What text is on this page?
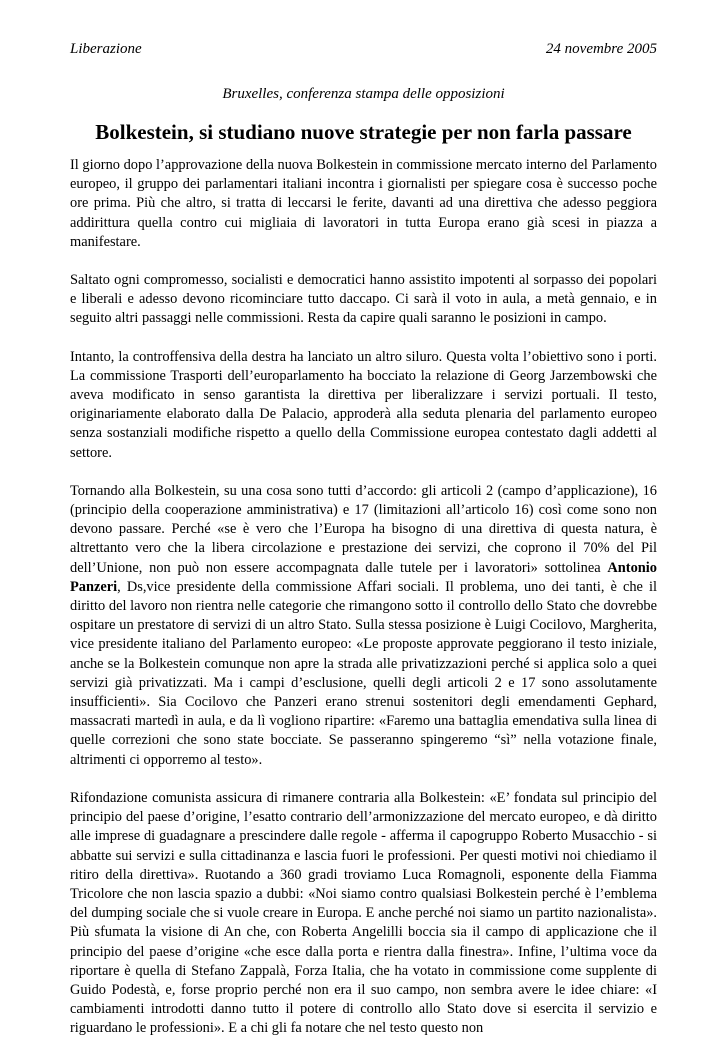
Liberazione	24 novembre 2005
Bruxelles, conferenza stampa delle opposizioni
Bolkestein, si studiano nuove strategie per non farla passare

Il giorno dopo l’approvazione della nuova Bolkestein in commissione mercato interno del Parlamento europeo, il gruppo dei parlamentari italiani incontra i giornalisti per spiegare cosa è successo poche ore prima. Più che altro, si tratta di leccarsi le ferite, davanti ad una direttiva che adesso peggiora addirittura quella contro cui migliaia di lavoratori in tutta Europa erano già scesi in piazza a manifestare.

Saltato ogni compromesso, socialisti e democratici hanno assistito impotenti al sorpasso dei popolari e liberali e adesso devono ricominciare tutto daccapo. Ci sarà il voto in aula, a metà gennaio, e in seguito altri passaggi nelle commissioni. Resta da capire quali saranno le posizioni in campo.

Intanto, la controffensiva della destra ha lanciato un altro siluro. Questa volta l’obiettivo sono i porti. La commissione Trasporti dell’europarlamento ha bocciato la relazione di Georg Jarzembowski che aveva modificato in senso garantista la direttiva per liberalizzare i servizi portuali. Il testo, originariamente elaborato dalla De Palacio, approderà alla seduta plenaria del parlamento europeo senza sostanziali modifiche rispetto a quello della Commissione europea contestato dagli addetti al settore.

Tornando alla Bolkestein, su una cosa sono tutti d’accordo: gli articoli 2 (campo d’applicazione), 16 (principio della cooperazione amministrativa) e 17 (limitazioni all’articolo 16) così come sono non devono passare. Perché «se è vero che l’Europa ha bisogno di una direttiva di questa natura, è altrettanto vero che la libera circolazione e prestazione dei servizi, che coprono il 70% del Pil dell’Unione, non può non essere accompagnata dalle tutele per i lavoratori» sottolinea Antonio Panzeri, Ds,vice presidente della commissione Affari sociali. Il problema, uno dei tanti, è che il diritto del lavoro non rientra nelle categorie che rimangono sotto il controllo dello Stato che dovrebbe ospitare un prestatore di servizi di un altro Stato. Sulla stessa posizione è Luigi Cocilovo, Margherita, vice presidente italiano del Parlamento europeo: «Le proposte approvate peggiorano il testo iniziale, anche se la Bolkestein comunque non apre la strada alle privatizzazioni perché si applica solo a quei servizi già privatizzati. Ma i campi d’esclusione, quelli degli articoli 2 e 17 sono assolutamente insufficienti». Sia Cocilovo che Panzeri erano strenui sostenitori degli emendamenti Gephard, massacrati martedì in aula, e da lì vogliono ripartire: «Faremo una battaglia emendativa sulla linea di quelle correzioni che sono state bocciate. Se passeranno spingeremo “sì” nella votazione finale, altrimenti ci opporremo al testo».

Rifondazione comunista assicura di rimanere contraria alla Bolkestein: «E’ fondata sul principio del principio del paese d’origine, l’esatto contrario dell’armonizzazione del mercato europeo, e dà diritto alle imprese di guadagnare a prescindere dalle regole - afferma il capogruppo Roberto Musacchio - si abbatte sui servizi e sulla cittadinanza e lascia fuori le professioni. Per questi motivi noi chiediamo il ritiro della direttiva». Ruotando a 360 gradi troviamo Luca Romagnoli, esponente della Fiamma Tricolore che non lascia spazio a dubbi: «Noi siamo contro qualsiasi Bolkestein perché è l’emblema del dumping sociale che si vuole creare in Europa. E anche perché noi siamo un partito nazionalista». Più sfumata la visione di An che, con Roberta Angelilli boccia sia il campo di applicazione che il principio del paese d’origine «che esce dalla porta e rientra dalla finestra». Infine, l’ultima voce da riportare è quella di Stefano Zappalà, Forza Italia, che ha votato in commissione come supplente di Guido Podestà, e, forse proprio perché non era il suo campo, non sembra avere le idee chiare: «I cambiamenti introdotti danno tutto il potere di controllo allo Stato dove si esercita il servizio e riguardano le professioni». E a chi gli fa notare che nel testo questo non
